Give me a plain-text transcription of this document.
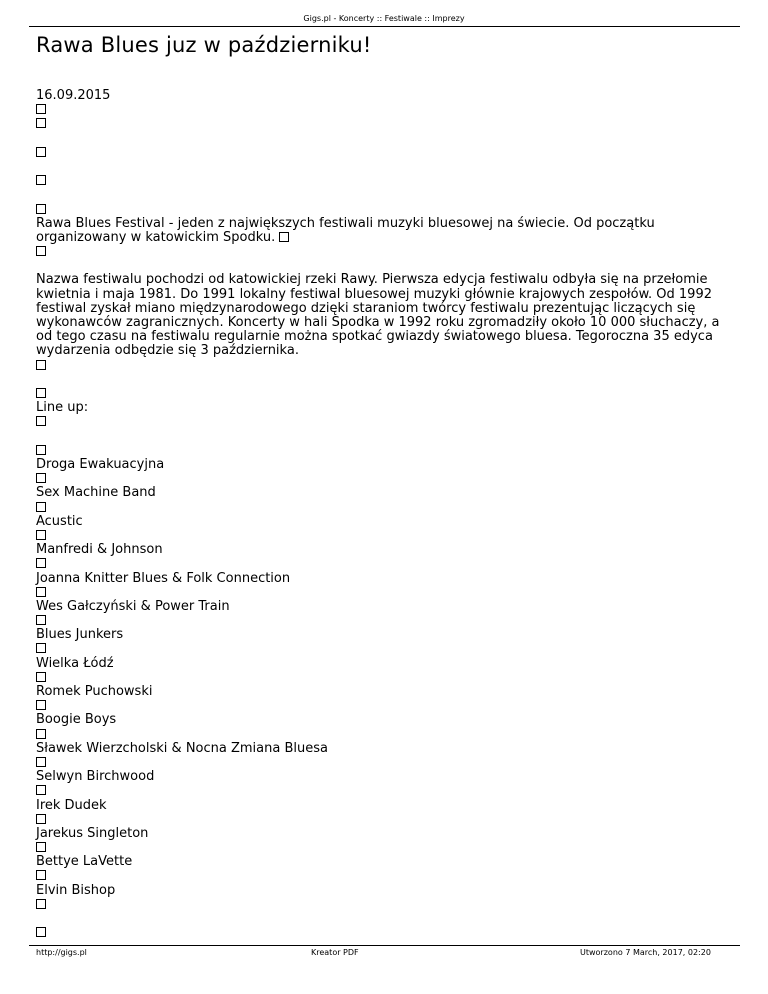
Gigs.pl - Koncerty :: Festiwale :: Imprezy
Rawa Blues juz w październiku!
16.09.2015
Rawa Blues Festival - jeden z największych festiwali muzyki bluesowej na świecie. Od początku organizowany w katowickim Spodku.
Nazwa festiwalu pochodzi od katowickiej rzeki Rawy. Pierwsza edycja festiwalu odbyła się na przełomie kwietnia i maja 1981. Do 1991 lokalny festiwal bluesowej muzyki głównie krajowych zespołów. Od 1992 festiwal zyskał miano międzynarodowego dzięki staraniom twórcy festiwalu prezentując liczących się wykonawców zagranicznych. Koncerty w hali Spodka w 1992 roku zgromadziły około 10 000 słuchaczy, a od tego czasu na festiwalu regularnie można spotkać gwiazdy światowego bluesa. Tegoroczna 35 edyca wydarzenia odbędzie się 3 października.
Line up:
Droga Ewakuacyjna
Sex Machine Band
Acustic
Manfredi & Johnson
Joanna Knitter Blues & Folk Connection
Wes Gałczyński & Power Train
Blues Junkers
Wielka Łódź
Romek Puchowski
Boogie Boys
Sławek Wierzcholski & Nocna Zmiana Bluesa
Selwyn Birchwood
Irek Dudek
Jarekus Singleton
Bettye LaVette
Elvin Bishop
http://gigs.pl	Kreator PDF	Utworzono 7 March, 2017, 02:20
